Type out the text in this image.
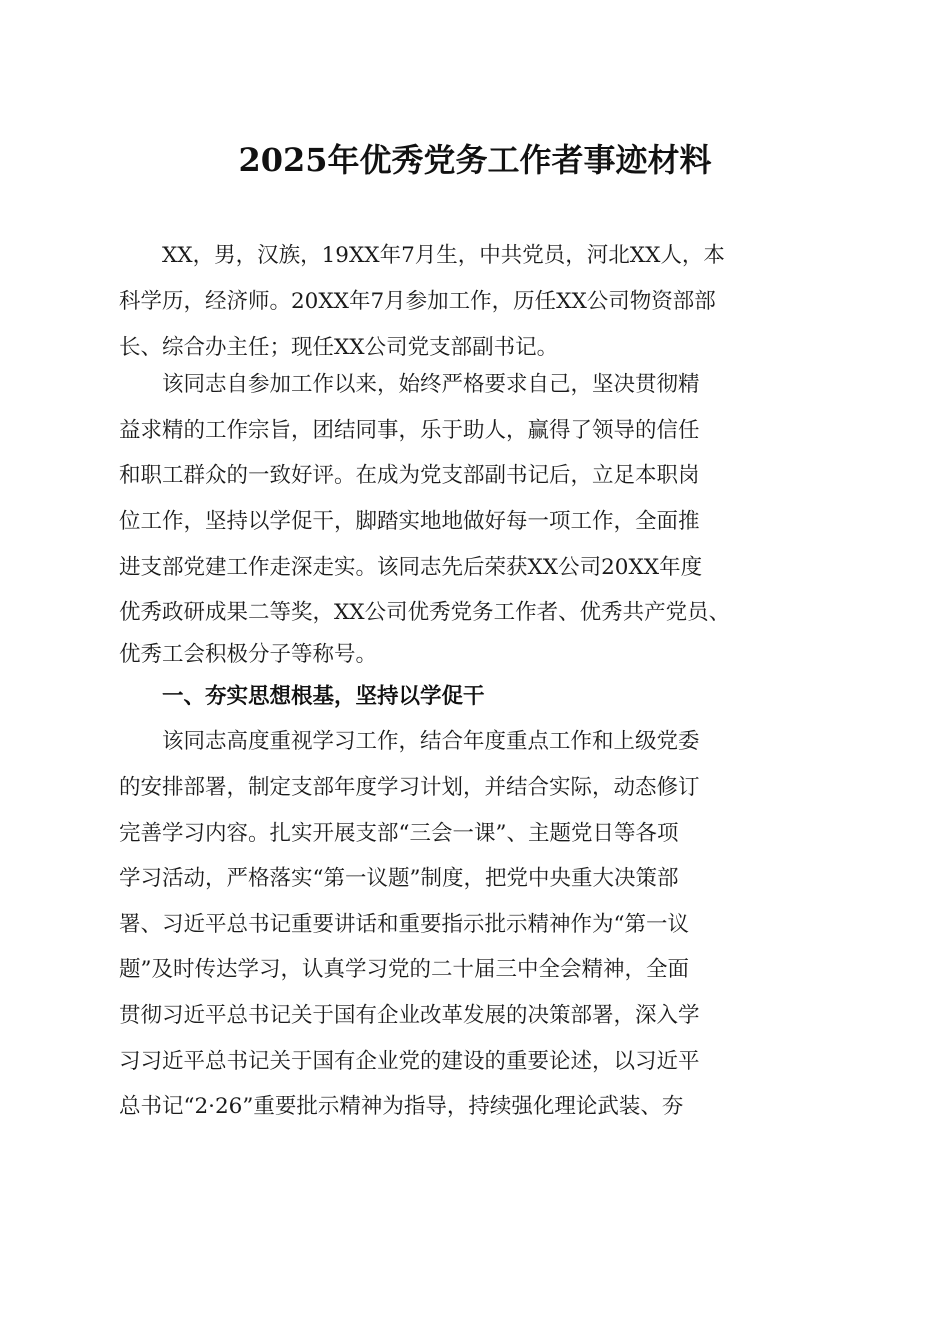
2025年优秀党务工作者事迹材料

　　XX，男，汉族，19XX年7月生，中共党员，河北XX人，本

科学历，经济师。20XX年7月参加工作，历任XX公司物资部部

长、综合办主任；现任XX公司党支部副书记。

　　该同志自参加工作以来，始终严格要求自己，坚决贯彻精

益求精的工作宗旨，团结同事，乐于助人，赢得了领导的信任

和职工群众的一致好评。在成为党支部副书记后，立足本职岗

位工作，坚持以学促干，脚踏实地地做好每一项工作，全面推

进支部党建工作走深走实。该同志先后荣获XX公司20XX年度

优秀政研成果二等奖，XX公司优秀党务工作者、优秀共产党员、

优秀工会积极分子等称号。

　　一、夯实思想根基，坚持以学促干

　　该同志高度重视学习工作，结合年度重点工作和上级党委

的安排部署，制定支部年度学习计划，并结合实际，动态修订

完善学习内容。扎实开展支部“三会一课”、主题党日等各项

学习活动，严格落实“第一议题”制度，把党中央重大决策部

署、习近平总书记重要讲话和重要指示批示精神作为“第一议

题”及时传达学习，认真学习党的二十届三中全会精神，全面

贯彻习近平总书记关于国有企业改革发展的决策部署，深入学

习习近平总书记关于国有企业党的建设的重要论述，以习近平

总书记“2·26”重要批示精神为指导，持续强化理论武装、夯
